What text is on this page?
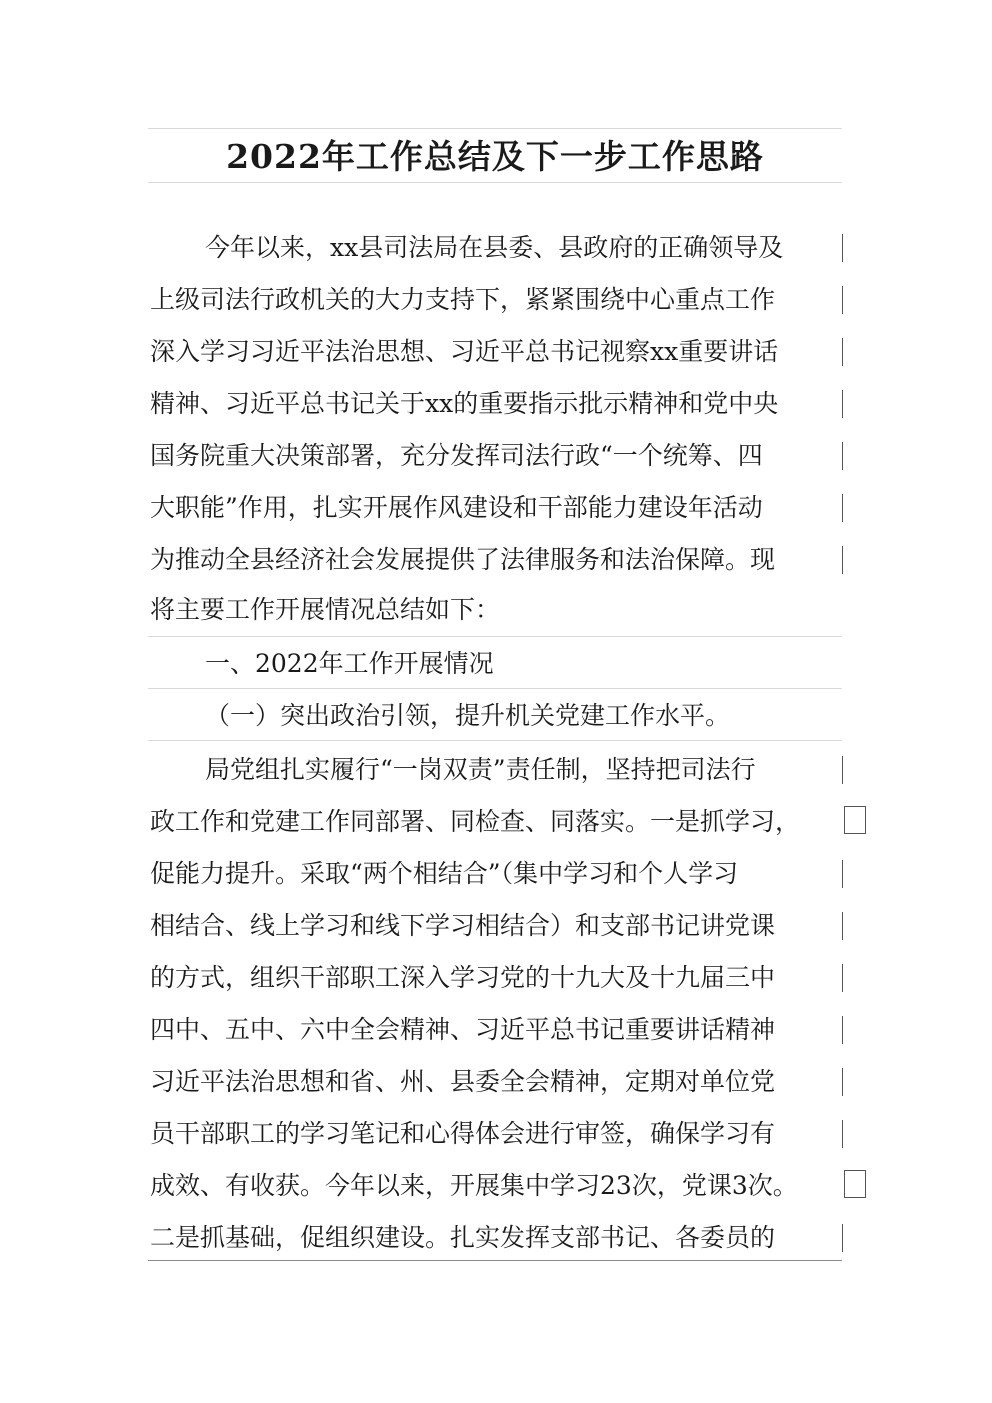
2022年工作总结及下一步工作思路
今年以来，xx县司法局在县委、县政府的正确领导及
上级司法行政机关的大力支持下，紧紧围绕中心重点工作
深入学习习近平法治思想、习近平总书记视察xx重要讲话
精神、习近平总书记关于xx的重要指示批示精神和党中央
国务院重大决策部署，充分发挥司法行政“一个统筹、四
大职能”作用，扎实开展作风建设和干部能力建设年活动
为推动全县经济社会发展提供了法律服务和法治保障。现
将主要工作开展情况总结如下：
一、2022年工作开展情况
（一）突出政治引领，提升机关党建工作水平。
局党组扎实履行“一岗双责”责任制，坚持把司法行
政工作和党建工作同部署、同检查、同落实。一是抓学习，
促能力提升。采取“两个相结合”（集中学习和个人学习
相结合、线上学习和线下学习相结合）和支部书记讲党课
的方式，组织干部职工深入学习党的十九大及十九届三中
四中、五中、六中全会精神、习近平总书记重要讲话精神
习近平法治思想和省、州、县委全会精神，定期对单位党
员干部职工的学习笔记和心得体会进行审签，确保学习有
成效、有收获。今年以来，开展集中学习23次，党课3次。
二是抓基础，促组织建设。扎实发挥支部书记、各委员的
